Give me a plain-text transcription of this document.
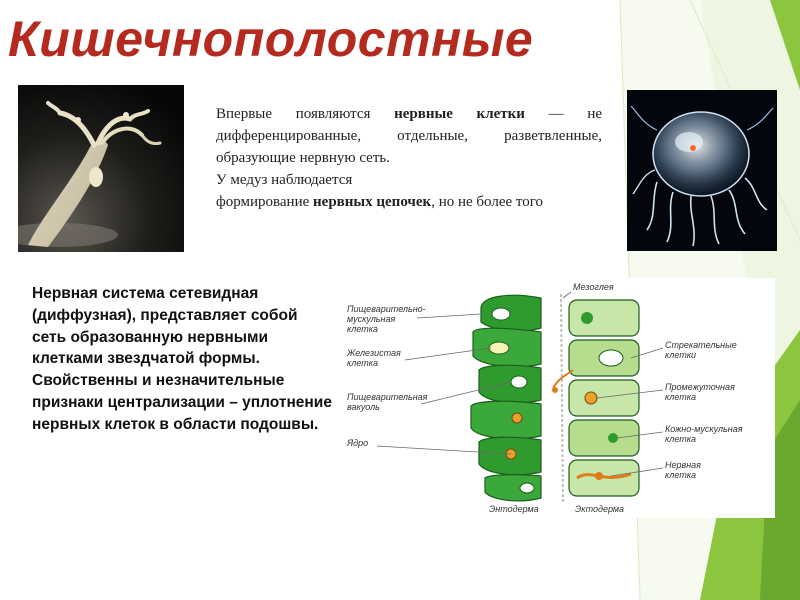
Кишечнополостные

Впервые появляются нервные клетки — не дифференцированные, отдельные, разветвленные, образующие нервную сеть.

У медуз наблюдается

формирование нервных цепочек, но не более того

Нервная система сетевидная (диффузная), представляет собой сеть образованную нервными клетками звездчатой формы. Свойственны и незначительные признаки централизации – уплотнение нервных клеток в области подошвы.
Пищеварительно-
мускульная
клетка
Железистая
клетка
Пищеварительная
вакуоль
Ядро
Мезоглея
Стрекательные
клетки
Промежуточная
клетка
Кожно-мускульная
клетка
Нервная
клетка
Энтодерма	Эктодерма
